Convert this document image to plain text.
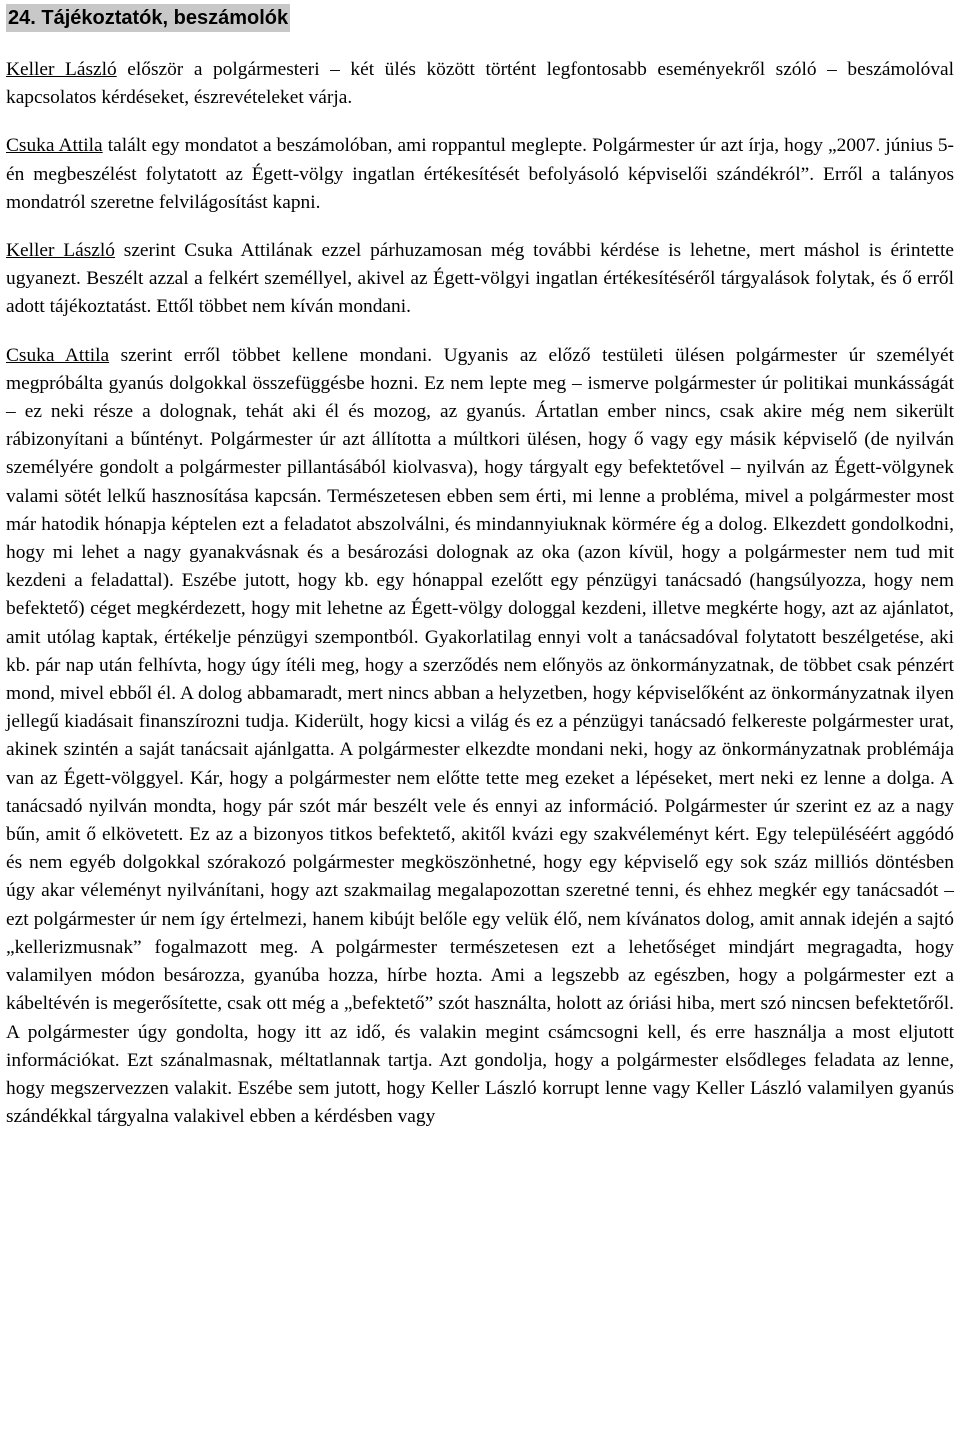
24. Tájékoztatók, beszámolók

Keller László először a polgármesteri – két ülés között történt legfontosabb eseményekről szóló – beszámolóval kapcsolatos kérdéseket, észrevételeket várja.

Csuka Attila talált egy mondatot a beszámolóban, ami roppantul meglepte. Polgármester úr azt írja, hogy „2007. június 5-én megbeszélést folytatott az Égett-völgy ingatlan értékesítését befolyásoló képviselői szándékról”. Erről a talányos mondatról szeretne felvilágosítást kapni.

Keller László szerint Csuka Attilának ezzel párhuzamosan még további kérdése is lehetne, mert máshol is érintette ugyanezt. Beszélt azzal a felkért személlyel, akivel az Égett-völgyi ingatlan értékesítéséről tárgyalások folytak, és ő erről adott tájékoztatást. Ettől többet nem kíván mondani.

Csuka Attila szerint erről többet kellene mondani. Ugyanis az előző testületi ülésen polgármester úr személyét megpróbálta gyanús dolgokkal összefüggésbe hozni. Ez nem lepte meg – ismerve polgármester úr politikai munkásságát – ez neki része a dolognak, tehát aki él és mozog, az gyanús. Ártatlan ember nincs, csak akire még nem sikerült rábizonyítani a bűntényt. Polgármester úr azt állította a múltkori ülésen, hogy ő vagy egy másik képviselő (de nyilván személyére gondolt a polgármester pillantásából kiolvasva), hogy tárgyalt egy befektetővel – nyilván az Égett-völgynek valami sötét lelkű hasznosítása kapcsán. Természetesen ebben sem érti, mi lenne a probléma, mivel a polgármester most már hatodik hónapja képtelen ezt a feladatot abszolválni, és mindannyiuknak körmére ég a dolog. Elkezdett gondolkodni, hogy mi lehet a nagy gyanakvásnak és a besározási dolognak az oka (azon kívül, hogy a polgármester nem tud mit kezdeni a feladattal). Eszébe jutott, hogy kb. egy hónappal ezelőtt egy pénzügyi tanácsadó (hangsúlyozza, hogy nem befektető) céget megkérdezett, hogy mit lehetne az Égett-völgy dologgal kezdeni, illetve megkérte hogy, azt az ajánlatot, amit utólag kaptak, értékelje pénzügyi szempontból. Gyakorlatilag ennyi volt a tanácsadóval folytatott beszélgetése, aki kb. pár nap után felhívta, hogy úgy ítéli meg, hogy a szerződés nem előnyös az önkormányzatnak, de többet csak pénzért mond, mivel ebből él. A dolog abbamaradt, mert nincs abban a helyzetben, hogy képviselőként az önkormányzatnak ilyen jellegű kiadásait finanszírozni tudja. Kiderült, hogy kicsi a világ és ez a pénzügyi tanácsadó felkereste polgármester urat, akinek szintén a saját tanácsait ajánlgatta. A polgármester elkezdte mondani neki, hogy az önkormányzatnak problémája van az Égett-völggyel. Kár, hogy a polgármester nem előtte tette meg ezeket a lépéseket, mert neki ez lenne a dolga. A tanácsadó nyilván mondta, hogy pár szót már beszélt vele és ennyi az információ. Polgármester úr szerint ez az a nagy bűn, amit ő elkövetett. Ez az a bizonyos titkos befektető, akitől kvázi egy szakvéleményt kért. Egy településéért aggódó és nem egyéb dolgokkal szórakozó polgármester megköszönhetné, hogy egy képviselő egy sok száz milliós döntésben úgy akar véleményt nyilvánítani, hogy azt szakmailag megalapozottan szeretné tenni, és ehhez megkér egy tanácsadót – ezt polgármester úr nem így értelmezi, hanem kibújt belőle egy velük élő, nem kívánatos dolog, amit annak idején a sajtó „kellerizmusnak” fogalmazott meg. A polgármester természetesen ezt a lehetőséget mindjárt megragadta, hogy valamilyen módon besározza, gyanúba hozza, hírbe hozta. Ami a legszebb az egészben, hogy a polgármester ezt a kábeltévén is megerősítette, csak ott még a „befektető” szót használta, holott az óriási hiba, mert szó nincsen befektetőről. A polgármester úgy gondolta, hogy itt az idő, és valakin megint csámcsogni kell, és erre használja a most eljutott információkat. Ezt szánalmasnak, méltatlannak tartja. Azt gondolja, hogy a polgármester elsődleges feladata az lenne, hogy megszervezzen valakit. Eszébe sem jutott, hogy Keller László korrupt lenne vagy Keller László valamilyen gyanús szándékkal tárgyalna valakivel ebben a kérdésben vagy
